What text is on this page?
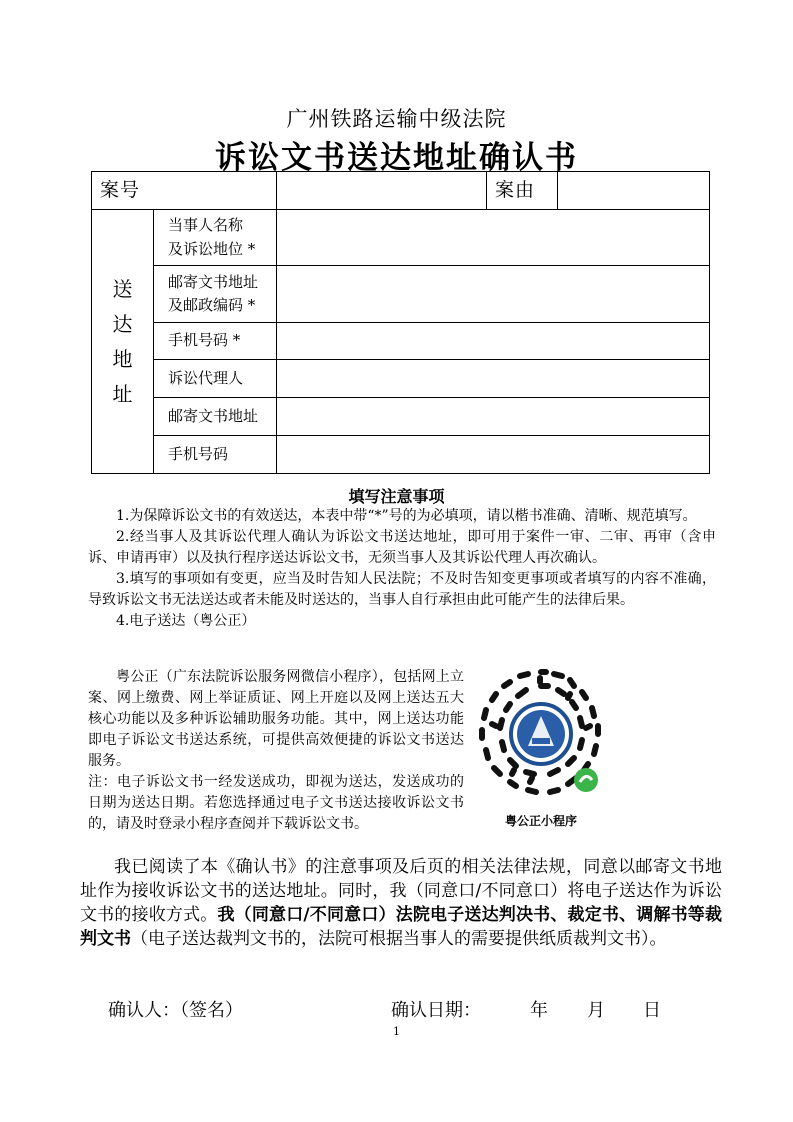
广州铁路运输中级法院
诉讼文书送达地址确认书
案号			案由	

送
达
地
址	当事人名称
及诉讼地位 *			

	邮寄文书地址
及邮政编码 *			

	手机号码 *			

	诉讼代理人			

	邮寄文书地址			

	手机号码			

填写注意事项

1.为保障诉讼文书的有效送达，本表中带“*”号的为必填项，请以楷书准确、清晰、规范填写。

2.经当事人及其诉讼代理人确认为诉讼文书送达地址，即可用于案件一审、二审、再审（含申诉、申请再审）以及执行程序送达诉讼文书，无须当事人及其诉讼代理人再次确认。

3.填写的事项如有变更，应当及时告知人民法院；不及时告知变更事项或者填写的内容不准确，导致诉讼文书无法送达或者未能及时送达的，当事人自行承担由此可能产生的法律后果。

4.电子送达（粤公正）

粤公正（广东法院诉讼服务网微信小程序），包括网上立案、网上缴费、网上举证质证、网上开庭以及网上送达五大核心功能以及多种诉讼辅助服务功能。其中，网上送达功能即电子诉讼文书送达系统，可提供高效便捷的诉讼文书送达服务。

注：电子诉讼文书一经发送成功，即视为送达，发送成功的日期为送达日期。若您选择通过电子文书送达接收诉讼文书的，请及时登录小程序查阅并下载诉讼文书。	粤公正小程序

我已阅读了本《确认书》的注意事项及后页的相关法律法规，同意以邮寄文书地址作为接收诉讼文书的送达地址。同时，我（同意口/不同意口）将电子送达作为诉讼文书的接收方式。我（同意口/不同意口）法院电子送达判决书、裁定书、调解书等裁判文书（电子送达裁判文书的，法院可根据当事人的需要提供纸质裁判文书）。

确认人：（签名）	确认日期：	年 月 日
1
